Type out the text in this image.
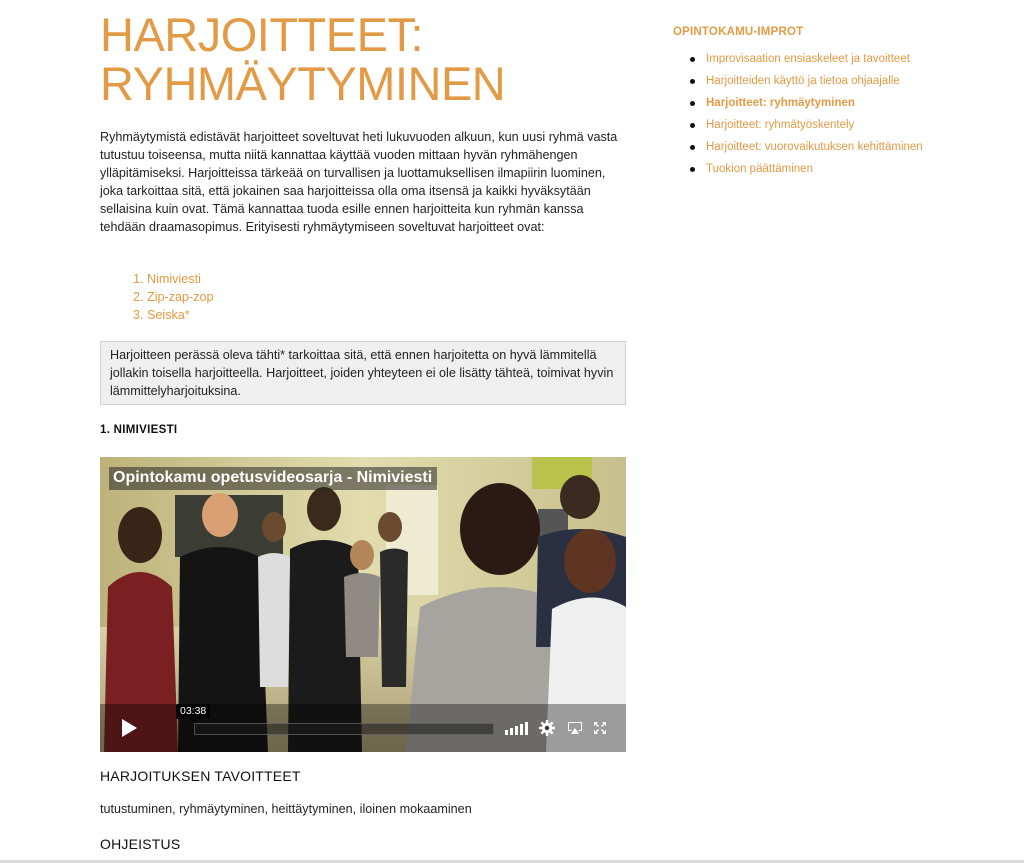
HARJOITTEET:
RYHMÄYTYMINEN

Ryhmäytymistä edistävät harjoitteet soveltuvat heti lukuvuoden alkuun, kun uusi ryhmä vasta tutustuu toiseensa, mutta niitä kannattaa käyttää vuoden mittaan hyvän ryhmähengen ylläpitämiseksi. Harjoitteissa tärkeää on turvallisen ja luottamuksellisen ilmapiirin luominen, joka tarkoittaa sitä, että jokainen saa harjoitteissa olla oma itsensä ja kaikki hyväksytään sellaisina kuin ovat. Tämä kannattaa tuoda esille ennen harjoitteita kun ryhmän kanssa tehdään draamasopimus. Erityisesti ryhmäytymiseen soveltuvat harjoitteet ovat:

1. Nimiviesti
2. Zip-zap-zop
3. Seiska*
Harjoitteen perässä oleva tähti* tarkoittaa sitä, että ennen harjoitetta on hyvä lämmitellä jollakin toisella harjoitteella. Harjoitteet, joiden yhteyteen ei ole lisätty tähteä, toimivat hyvin lämmittelyharjoituksina.
1. NIMIVIESTI
Opintokamu opetusvideosarja - Nimiviesti
03:38
HARJOITUKSEN TAVOITTEET

tutustuminen, ryhmäytyminen, heittäytyminen, iloinen mokaaminen

OHJEISTUS
OPINTOKAMU-IMPROT
Improvisaation ensiaskeleet ja tavoitteet
Harjoitteiden käyttö ja tietoa ohjaajalle
Harjoitteet: ryhmäytyminen
Harjoitteet: ryhmätyöskentely
Harjoitteet: vuorovaikutuksen kehittäminen
Tuokion päättäminen
